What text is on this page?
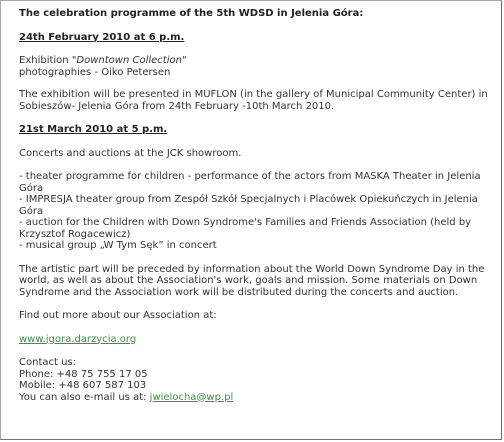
The celebration programme of the 5th WDSD in Jelenia Góra:

24th February 2010 at 6 p.m.

Exhibition "Downtown Collection"

photographies - Oiko Petersen

The exhibition will be presented in MUFLON (in the gallery of Municipal Community Center) in

Sobieszów- Jelenia Góra from 24th February -10th March 2010.

21st March 2010 at 5 p.m.

Concerts and auctions at the JCK showroom.

- theater programme for children - performance of the actors from MASKA Theater in Jelenia

Góra

- IMPRESJA theater group from Zespół Szkół Specjalnych i Placówek Opiekuńczych in Jelenia

Góra

- auction for the Children with Down Syndrome's Families and Friends Association (held by

Krzysztof Rogacewicz)

- musical group „W Tym Sęk” in concert

The artistic part will be preceded by information about the World Down Syndrome Day in the

world, as well as about the Association's work, goals and mission. Some materials on Down

Syndrome and the Association work will be distributed during the concerts and auction.

Find out more about our Association at:

www.jgora.darzycia.org

Contact us:

Phone: +48 75 755 17 05

Mobile: +48 607 587 103

You can also e-mail us at: jwielocha@wp.pl
